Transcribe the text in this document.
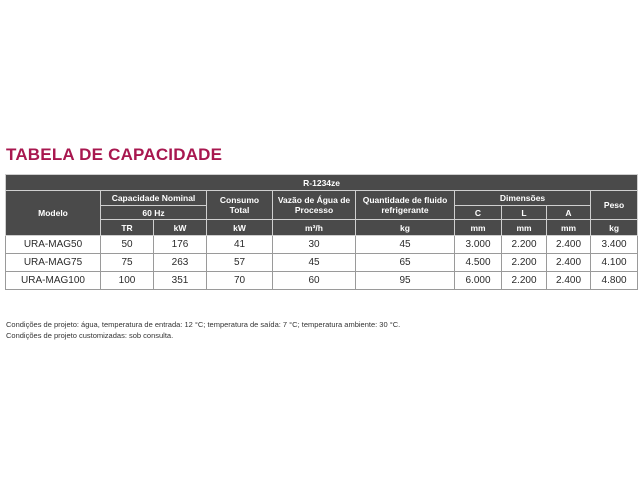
TABELA DE CAPACIDADE
R-1234ze									
Modelo	Capacidade Nominal		Consumo Total	Vazão de Água de Processo	Quantidade de fluido refrigerante	Dimensões			Peso
	60 Hz					C	L	A	
	TR	kW	kW	m³/h	kg	mm	mm	mm	kg
URA-MAG50	50	176	41	30	45	3.000	2.200	2.400	3.400
URA-MAG75	75	263	57	45	65	4.500	2.200	2.400	4.100
URA-MAG100	100	351	70	60	95	6.000	2.200	2.400	4.800
Condições de projeto: água, temperatura de entrada: 12 °C; temperatura de saída: 7 °C; temperatura ambiente: 30 °C.
Condições de projeto customizadas: sob consulta.
